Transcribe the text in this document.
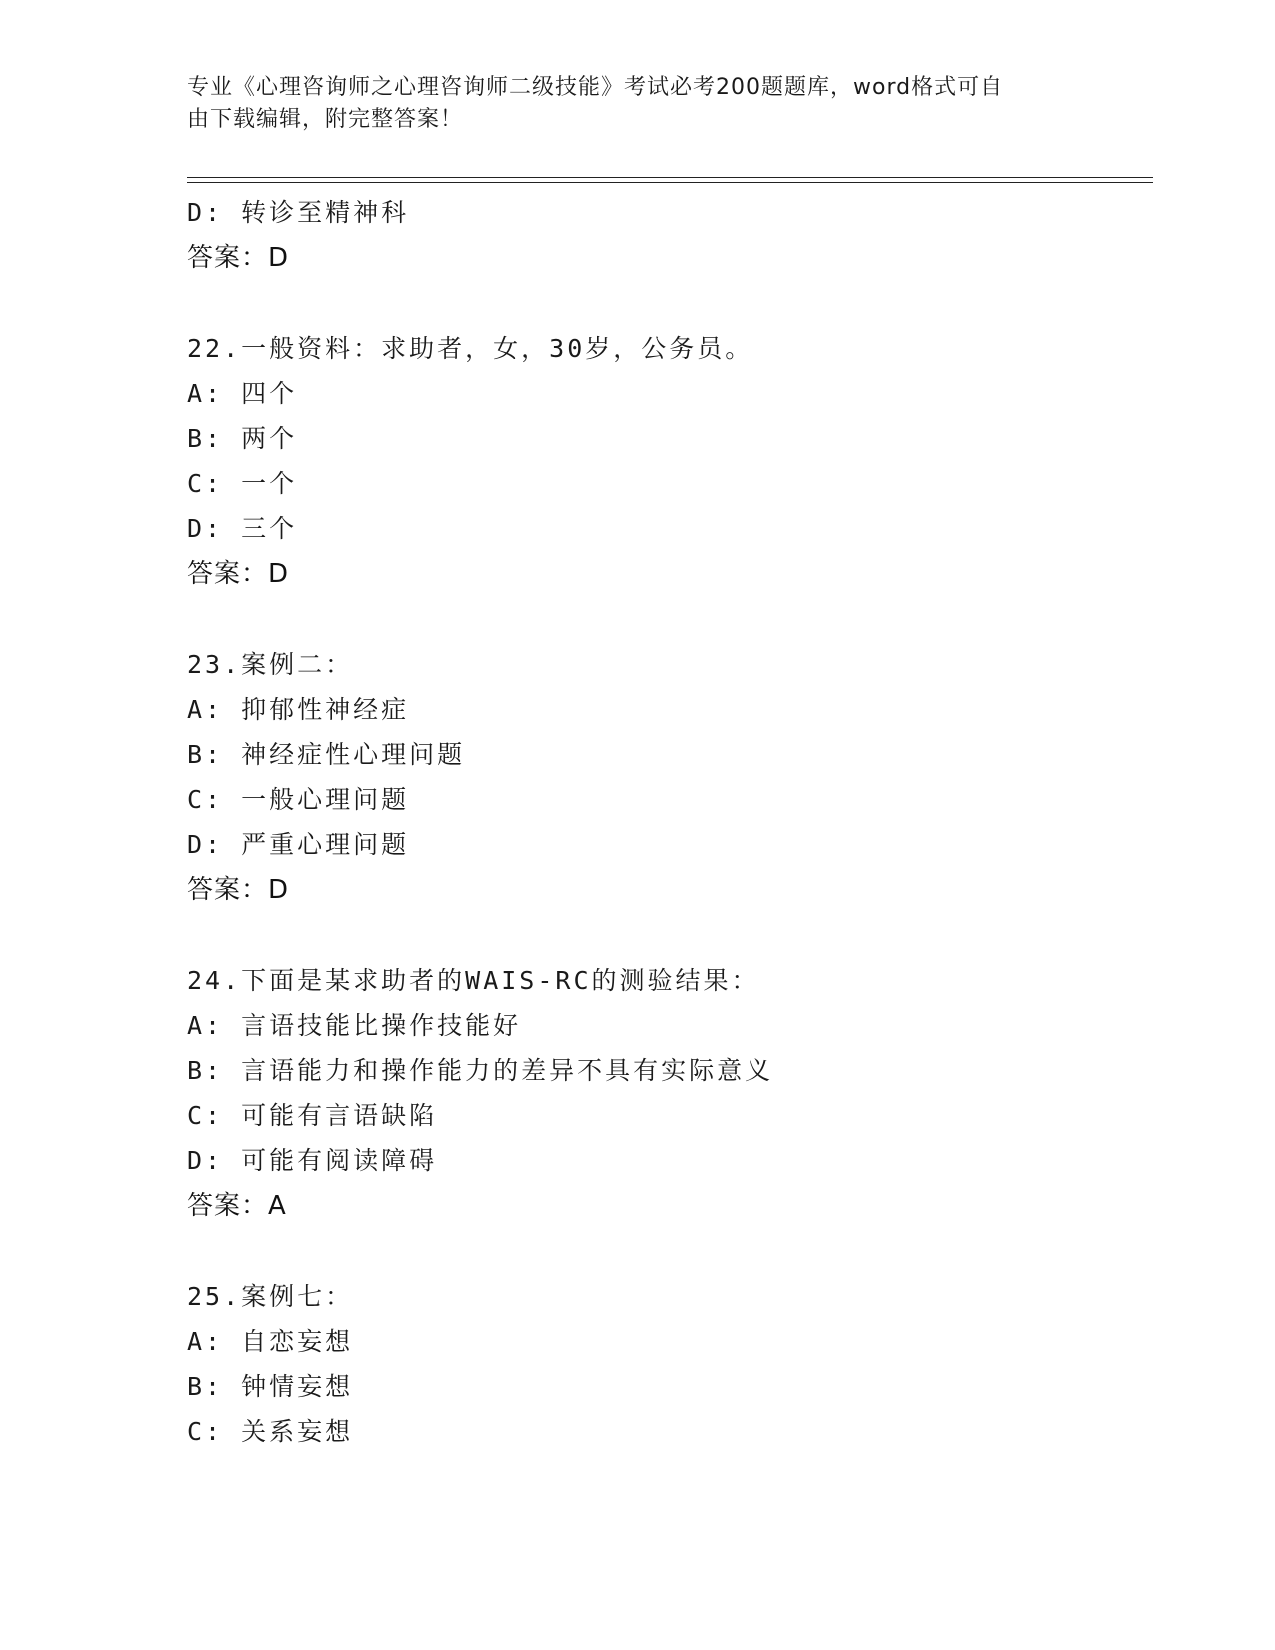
专业《心理咨询师之心理咨询师二级技能》考试必考200题题库，word格式可自
由下载编辑，附完整答案！
D: 转诊至精神科
答案：D
22.一般资料：求助者，女，30岁，公务员。
A: 四个
B: 两个
C: 一个
D: 三个
答案：D
23.案例二：
A: 抑郁性神经症
B: 神经症性心理问题
C: 一般心理问题
D: 严重心理问题
答案：D
24.下面是某求助者的WAIS-RC的测验结果：
A: 言语技能比操作技能好
B: 言语能力和操作能力的差异不具有实际意义
C: 可能有言语缺陷
D: 可能有阅读障碍
答案：A
25.案例七：
A: 自恋妄想
B: 钟情妄想
C: 关系妄想
